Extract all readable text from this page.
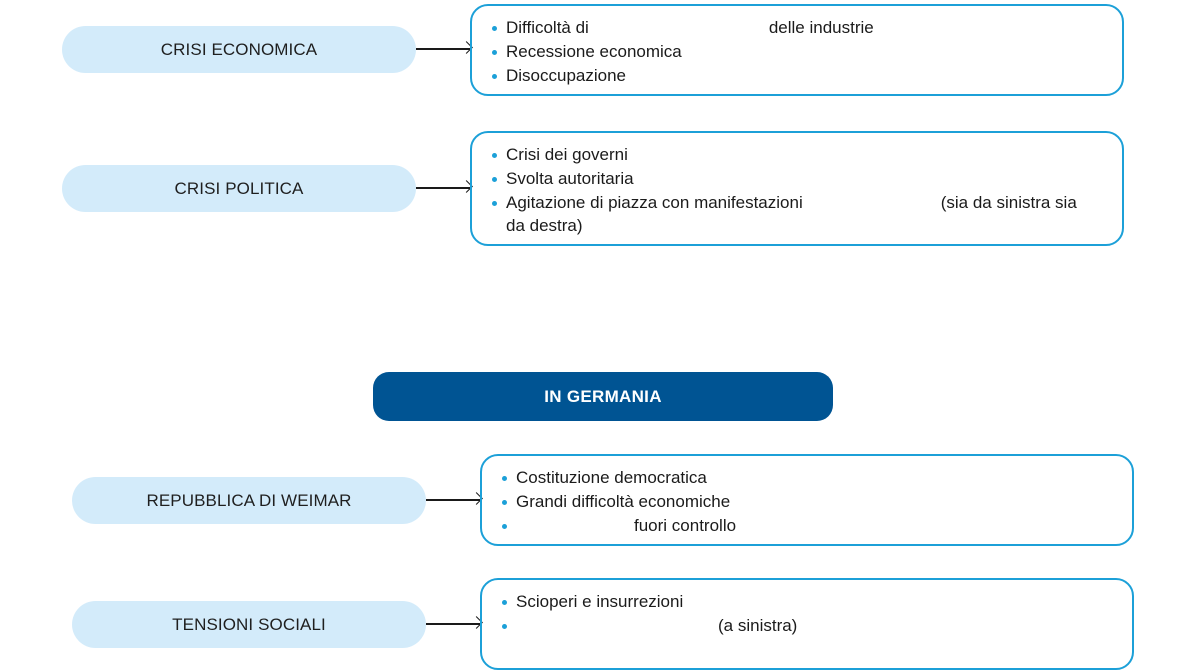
CRISI ECONOMICA
Difficoltà di	delle industrie
Recessione economica
Disoccupazione
CRISI POLITICA
Crisi dei governi
Svolta autoritaria
Agitazione di piazza con manifestazioni	(sia da sinistra sia da destra)
IN GERMANIA
REPUBBLICA DI WEIMAR
Costituzione democratica
Grandi difficoltà economiche
fuori controllo
TENSIONI SOCIALI
Scioperi e insurrezioni
(a sinistra)
